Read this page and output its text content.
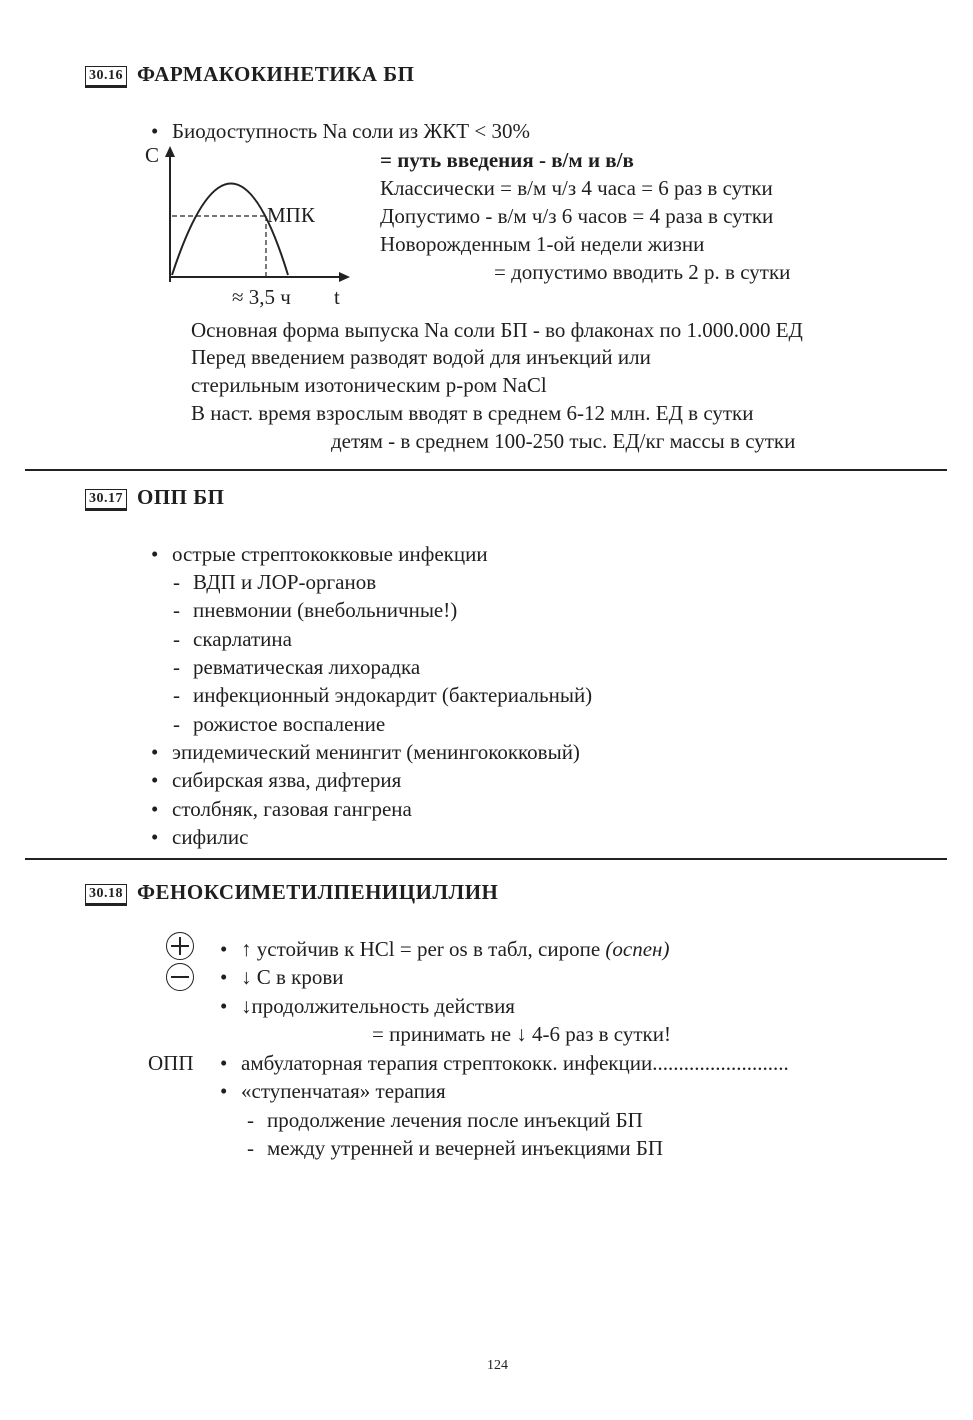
30.16 ФАРМАКОКИНЕТИКА БП
• Биодоступность Na соли из ЖКТ < 30%
C
МПК
≈ 3,5 ч t
= путь введения - в/м и в/в
Классически = в/м ч/з 4 часа = 6 раз в сутки
Допустимо - в/м ч/з 6 часов = 4 раза в сутки
Новорожденным 1-ой недели жизни
= допустимо вводить 2 р. в сутки
Основная форма выпуска Na соли БП - во флаконах по 1.000.000 ЕД
Перед введением разводят водой для инъекций или
стерильным изотоническим р-ром NaCl
В наст. время взрослым вводят в среднем 6-12 млн. ЕД в сутки
детям - в среднем 100-250 тыс. ЕД/кг массы в сутки
30.17 ОПП БП
• острые стрептококковые инфекции
- ВДП и ЛОР-органов
- пневмонии (внебольничные!)
- скарлатина
- ревматическая лихорадка
- инфекционный эндокардит (бактериальный)
- рожистое воспаление
• эпидемический менингит (менингококковый)
• сибирская язва, дифтерия
• столбняк, газовая гангрена
• сифилис
30.18 ФЕНОКСИМЕТИЛПЕНИЦИЛЛИН
• ↑ устойчив к HCl = per os в табл, сиропе (оспен)
• ↓ C в крови
• ↓продолжительность действия
= принимать не ↓ 4-6 раз в сутки!
ОПП
• амбулаторная терапия стрептококк. инфекции..........................
• «ступенчатая» терапия
- продолжение лечения после инъекций БП
- между утренней и вечерней инъекциями БП
124
